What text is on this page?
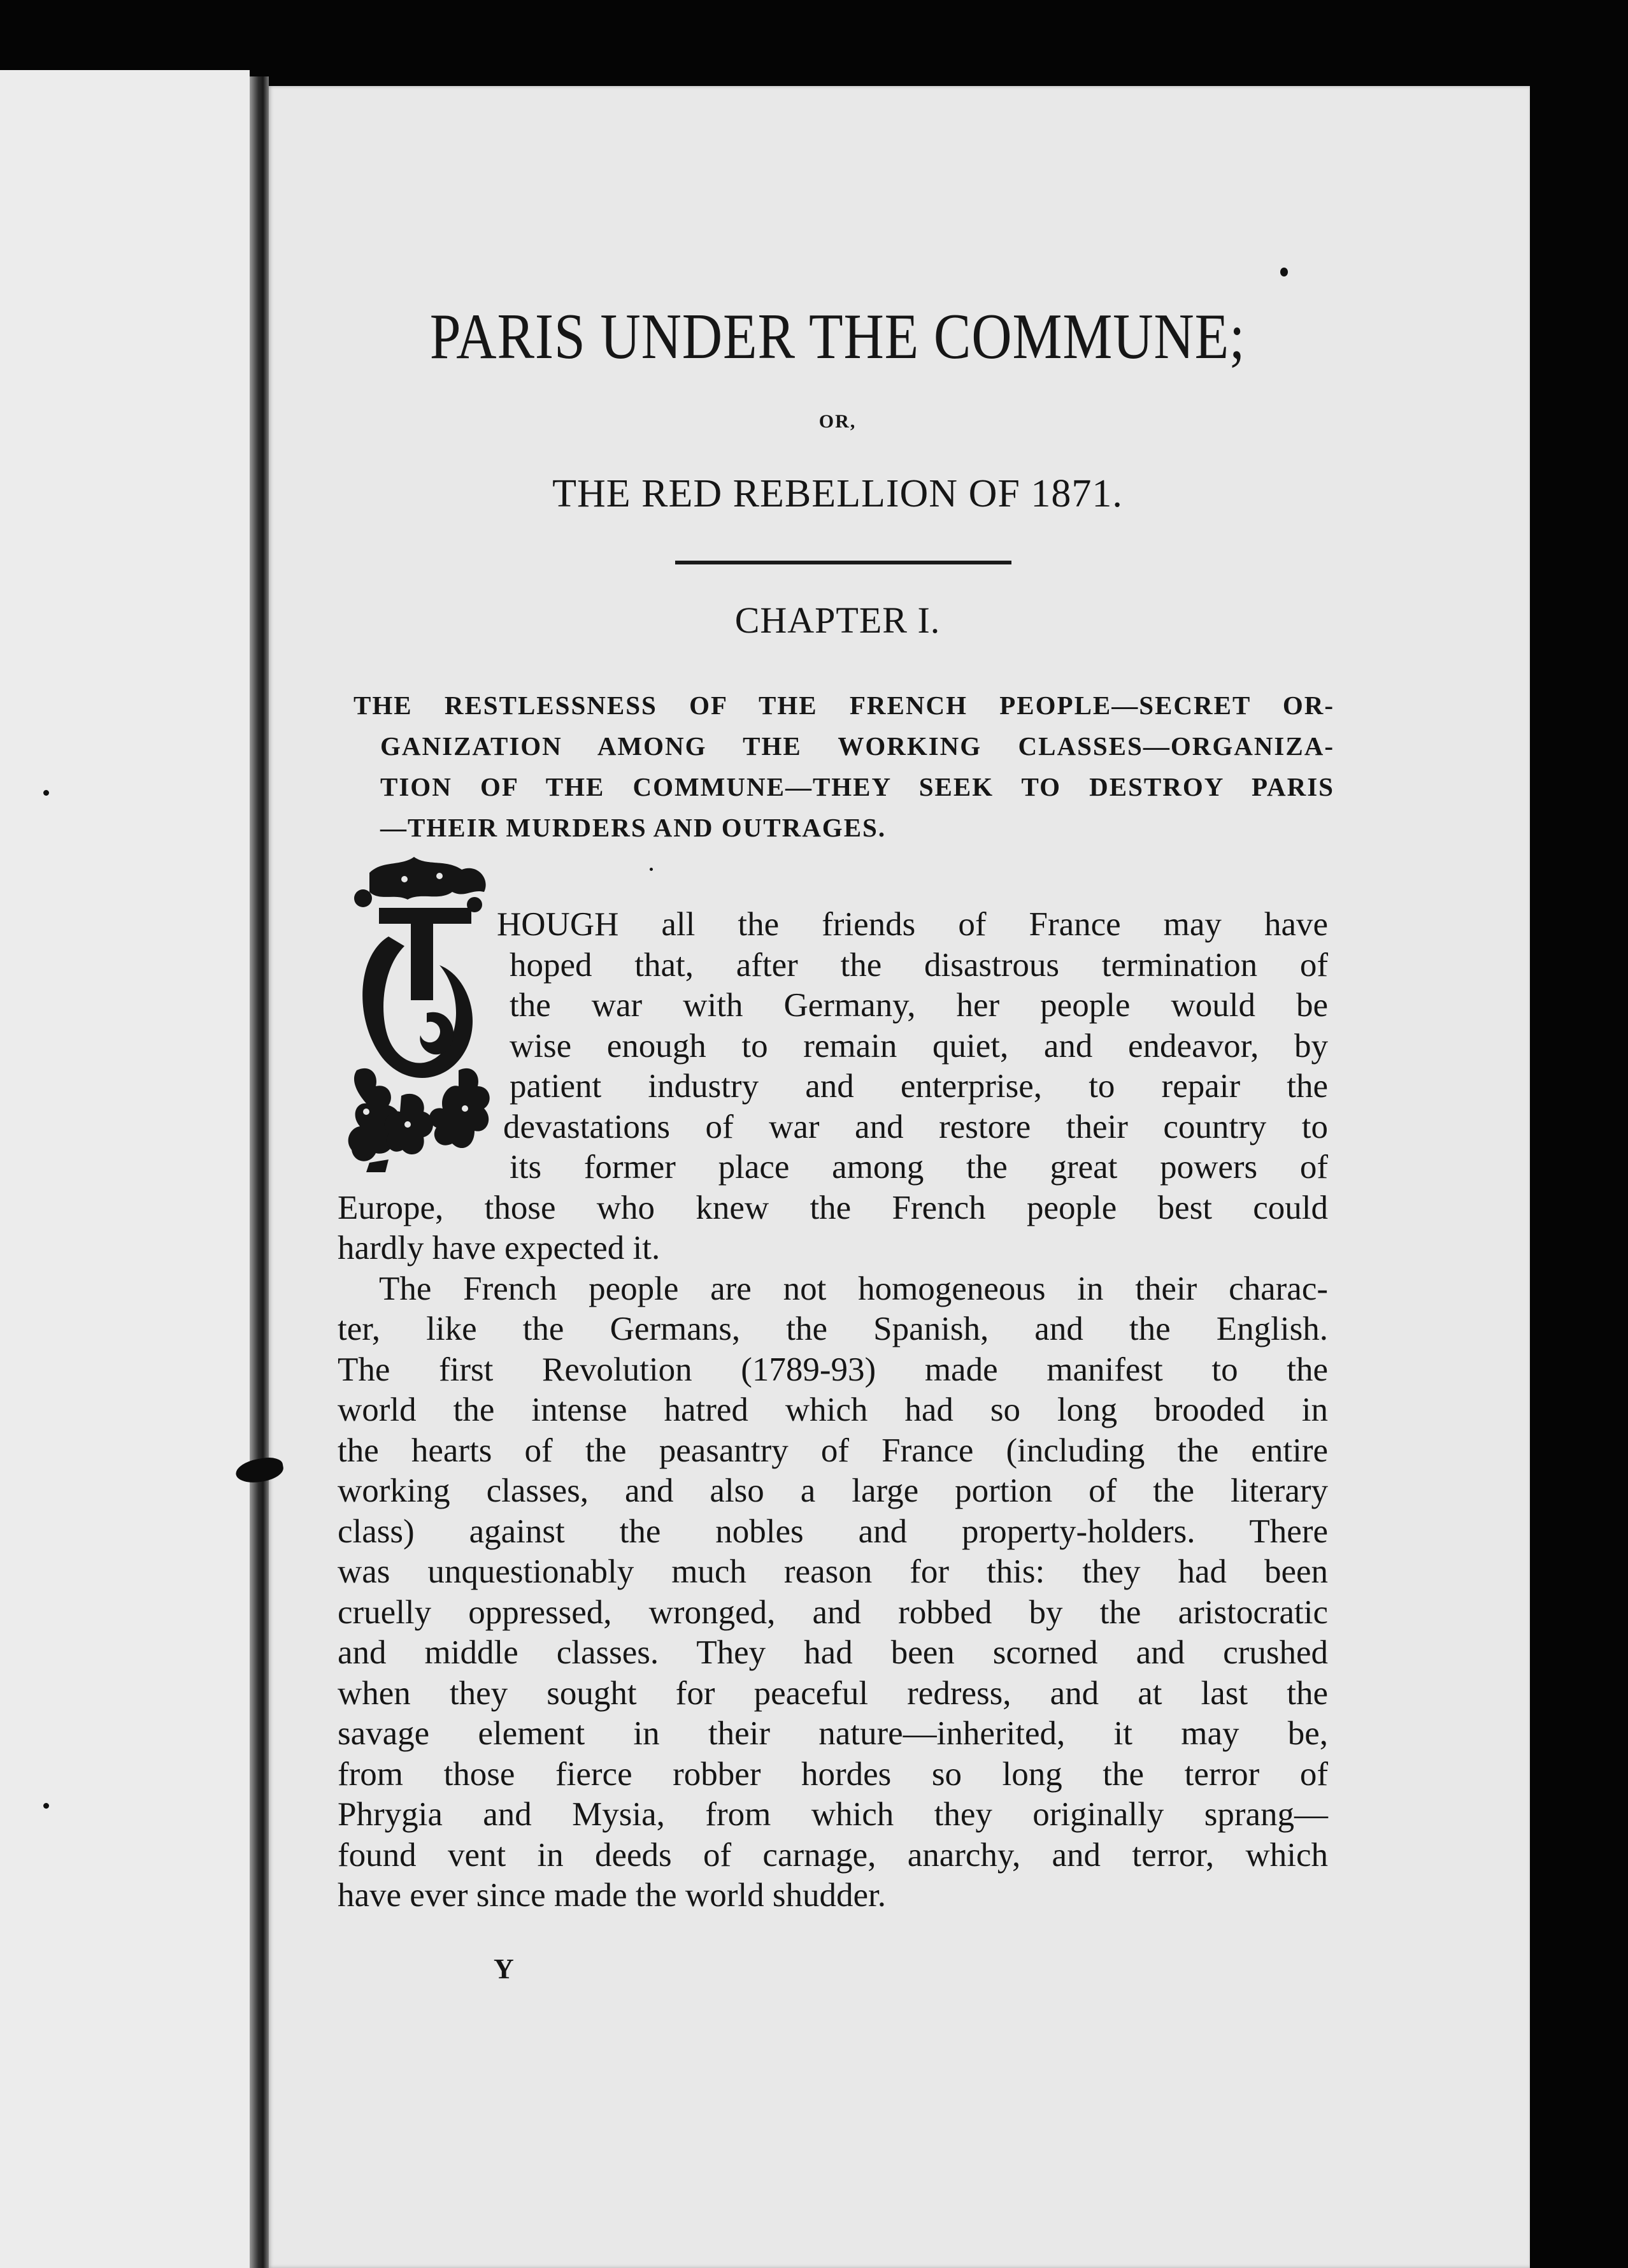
PARIS UNDER THE COMMUNE;
OR,
THE RED REBELLION OF 1871.
CHAPTER I.
THE RESTLESSNESS OF THE FRENCH PEOPLE—SECRET OR-
GANIZATION AMONG THE WORKING CLASSES—ORGANIZA-
TION OF THE COMMUNE—THEY SEEK TO DESTROY PARIS
—THEIR MURDERS AND OUTRAGES.
HOUGH all the friends of France may have
hoped that, after the disastrous termination of
the war with Germany, her people would be
wise enough to remain quiet, and endeavor, by
patient industry and enterprise, to repair the
devastations of war and restore their country to
its former place among the great powers of
Europe, those who knew the French people best could
hardly have expected it.
The French people are not homogeneous in their charac-
ter, like the Germans, the Spanish, and the English.
The first Revolution (1789-93) made manifest to the
world the intense hatred which had so long brooded in
the hearts of the peasantry of France (including the entire
working classes, and also a large portion of the literary
class) against the nobles and property-holders. There
was unquestionably much reason for this: they had been
cruelly oppressed, wronged, and robbed by the aristocratic
and middle classes. They had been scorned and crushed
when they sought for peaceful redress, and at last the
savage element in their nature—inherited, it may be,
from those fierce robber hordes so long the terror of
Phrygia and Mysia, from which they originally sprang—
found vent in deeds of carnage, anarchy, and terror, which
have ever since made the world shudder.
Y
